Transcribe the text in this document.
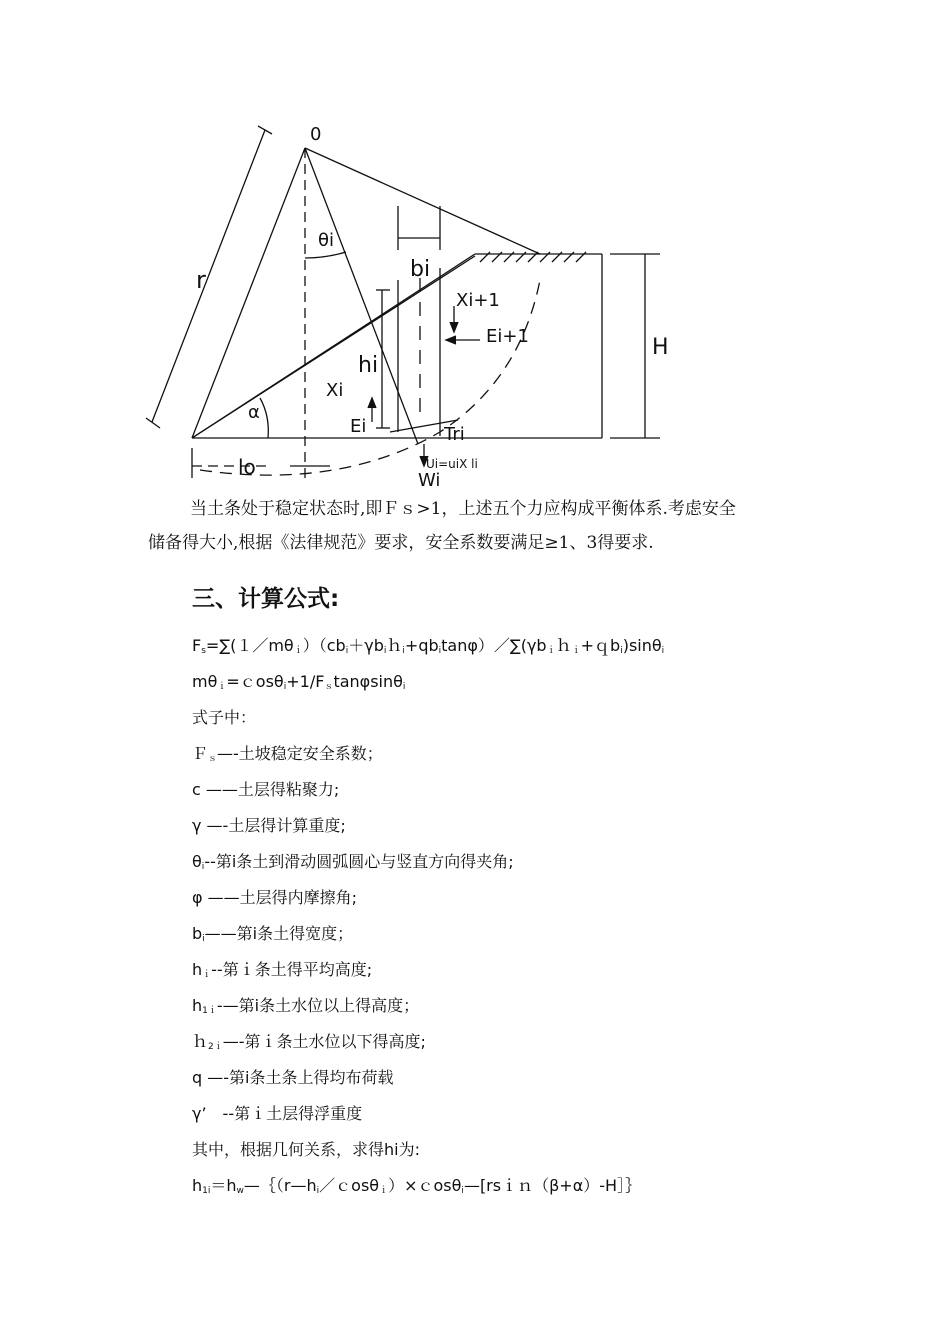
0
θi
r	bi
Xi+1
Ei+1	H
hi
Xi
Ei
α
Tri
Ui=uiX li
Wi
lo

当土条处于稳定状态时,即Ｆｓ>1，上述五个力应构成平衡体系.考虑安全

储备得大小,根据《法律规范》要求，安全系数要满足≥1、3得要求.
三、计算公式:
$F_s=\sum(1/m\theta_i)(cb_i+\gamma b_ih_i+qb_i\tan\varphi)/\sum(\gamma b_ih_i+qb_i)\sin\theta_i$
$m\theta_i=cos\theta_i+1/F_s\tan\varphi\sin\theta_i$
式子中：
Ｆ$_s$—-土坡稳定安全系数；
c ——土层得粘聚力;
γ —-土层得计算重度;
$\theta_i--$第i条土到滑动圆弧圆心与竖直方向得夹角;
φ ——土层得内摩擦角;
$b_i——$第i条土得宽度；
$h_i--$第ｉ条土得平均高度;
$h_{1i}-—$第i条土水位以上得高度；
ｈ$_{2i}$—-第ｉ条土水位以下得高度;
q —-第i条土条上得均布荷载
γ’　--第ｉ土层得浮重度
其中，根据几何关系，求得hi为:
$h_{1i}=h_w—\{(r—h_i/cos\theta_i)\times cos\theta_i—[rsin(\beta+\alpha)-H]\}$
